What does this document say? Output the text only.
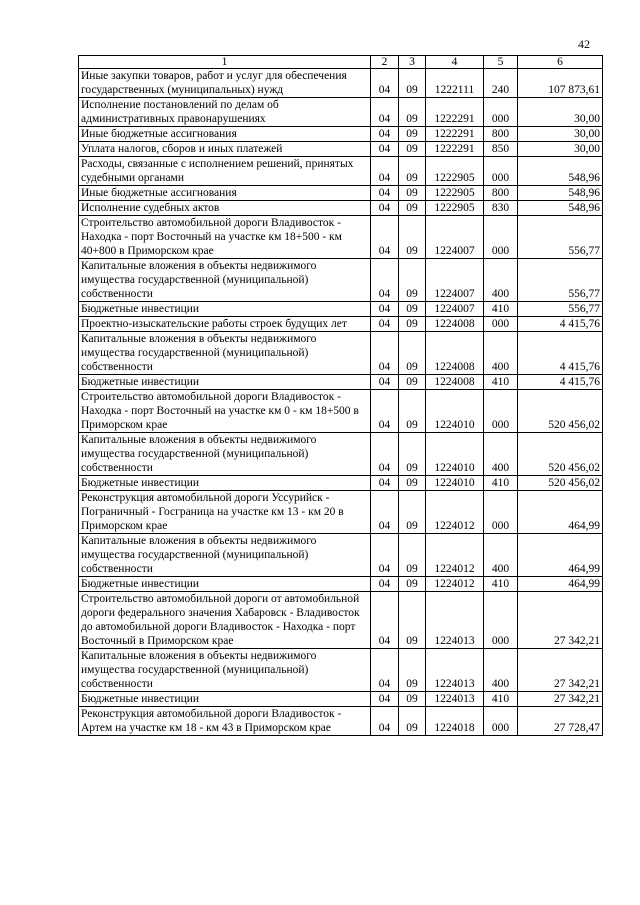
42
1	2	3	4	5	6
Иные закупки товаров, работ и услуг для обеспечения государственных (муниципальных) нужд	04	09	1222111	240	107 873,61
Исполнение постановлений по делам об административных правонарушениях	04	09	1222291	000	30,00
Иные бюджетные ассигнования	04	09	1222291	800	30,00
Уплата налогов, сборов и иных платежей	04	09	1222291	850	30,00
Расходы, связанные с исполнением решений, принятых судебными органами	04	09	1222905	000	548,96
Иные бюджетные ассигнования	04	09	1222905	800	548,96
Исполнение судебных актов	04	09	1222905	830	548,96
Строительство автомобильной дороги Владивосток - Находка - порт Восточный на участке км 18+500 - км 40+800 в Приморском крае	04	09	1224007	000	556,77
Капитальные вложения в объекты недвижимого имущества государственной (муниципальной) собственности	04	09	1224007	400	556,77
Бюджетные инвестиции	04	09	1224007	410	556,77
Проектно-изыскательские работы строек будущих лет	04	09	1224008	000	4 415,76
Капитальные вложения в объекты недвижимого имущества государственной (муниципальной) собственности	04	09	1224008	400	4 415,76
Бюджетные инвестиции	04	09	1224008	410	4 415,76
Строительство автомобильной дороги Владивосток - Находка - порт Восточный на участке км 0 - км 18+500 в Приморском крае	04	09	1224010	000	520 456,02
Капитальные вложения в объекты недвижимого имущества государственной (муниципальной) собственности	04	09	1224010	400	520 456,02
Бюджетные инвестиции	04	09	1224010	410	520 456,02
Реконструкция автомобильной дороги Уссурийск - Пограничный - Госграница на участке км 13 - км 20 в Приморском крае	04	09	1224012	000	464,99
Капитальные вложения в объекты недвижимого имущества государственной (муниципальной) собственности	04	09	1224012	400	464,99
Бюджетные инвестиции	04	09	1224012	410	464,99
Строительство автомобильной дороги от автомобильной дороги федерального значения Хабаровск - Владивосток до автомобильной дороги Владивосток - Находка - порт Восточный в Приморском крае	04	09	1224013	000	27 342,21
Капитальные вложения в объекты недвижимого имущества государственной (муниципальной) собственности	04	09	1224013	400	27 342,21
Бюджетные инвестиции	04	09	1224013	410	27 342,21
Реконструкция автомобильной дороги Владивосток - Артем на участке км 18 - км 43 в Приморском крае	04	09	1224018	000	27 728,47
